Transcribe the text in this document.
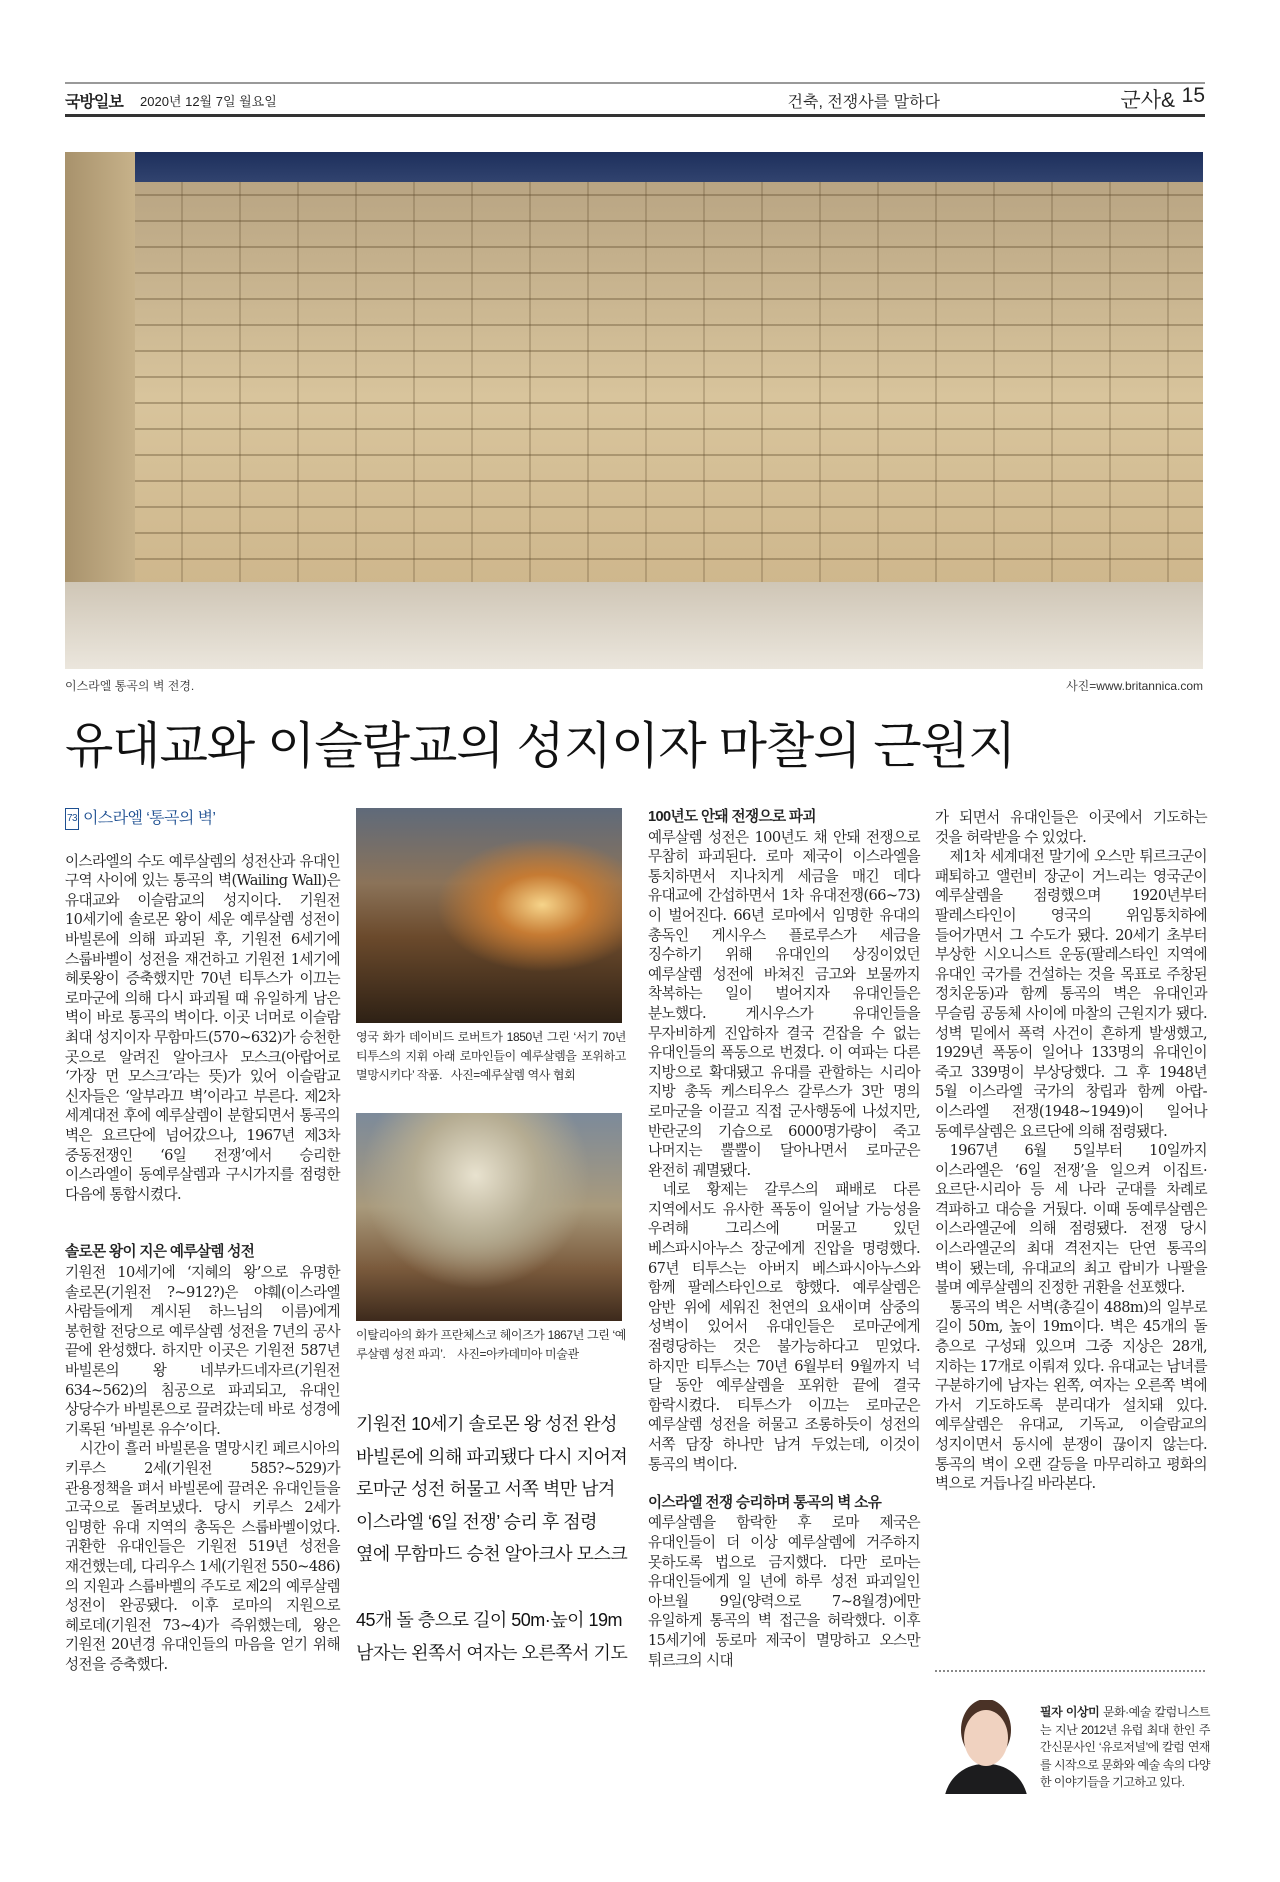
국방일보 2020년 12월 7일 월요일	건축, 전쟁사를 말하다	군사& 15
이스라엘 통곡의 벽 전경.	사진=www.britannica.com
유대교와 이슬람교의 성지이자 마찰의 근원지
73 이스라엘 ‘통곡의 벽’

이스라엘의 수도 예루살렘의 성전산과 유대인 구역 사이에 있는 통곡의 벽(Wailing Wall)은 유대교와 이슬람교의 성지이다. 기원전 10세기에 솔로몬 왕이 세운 예루살렘 성전이 바빌론에 의해 파괴된 후, 기원전 6세기에 스룹바벨이 성전을 재건하고 기원전 1세기에 헤롯왕이 증축했지만 70년 티투스가 이끄는 로마군에 의해 다시 파괴될 때 유일하게 남은 벽이 바로 통곡의 벽이다. 이곳 너머로 이슬람 최대 성지이자 무함마드(570~632)가 승천한 곳으로 알려진 알아크사 모스크(아랍어로 ‘가장 먼 모스크’라는 뜻)가 있어 이슬람교 신자들은 ‘알부라끄 벽’이라고 부른다. 제2차 세계대전 후에 예루살렘이 분할되면서 통곡의 벽은 요르단에 넘어갔으나, 1967년 제3차 중동전쟁인 ‘6일 전쟁’에서 승리한 이스라엘이 동예루살렘과 구시가지를 점령한 다음에 통합시켰다.

솔로몬 왕이 지은 예루살렘 성전

기원전 10세기에 ‘지혜의 왕’으로 유명한 솔로몬(기원전 ?~912?)은 야훼(이스라엘 사람들에게 계시된 하느님의 이름)에게 봉헌할 전당으로 예루살렘 성전을 7년의 공사 끝에 완성했다. 하지만 이곳은 기원전 587년 바빌론의 왕 네부카드네자르(기원전 634~562)의 침공으로 파괴되고, 유대인 상당수가 바빌론으로 끌려갔는데 바로 성경에 기록된 ‘바빌론 유수’이다.

시간이 흘러 바빌론을 멸망시킨 페르시아의 키루스 2세(기원전 585?~529)가 관용정책을 펴서 바빌론에 끌려온 유대인들을 고국으로 돌려보냈다. 당시 키루스 2세가 임명한 유대 지역의 총독은 스룹바벨이었다. 귀환한 유대인들은 기원전 519년 성전을 재건했는데, 다리우스 1세(기원전 550~486)의 지원과 스룹바벨의 주도로 제2의 예루살렘 성전이 완공됐다. 이후 로마의 지원으로 헤로데(기원전 73~4)가 즉위했는데, 왕은 기원전 20년경 유대인들의 마음을 얻기 위해 성전을 증축했다.

영국 화가 데이비드 로버트가 1850년 그린 ‘서기 70년 티투스의 지휘 아래 로마인들이 예루살렘을 포위하고 멸망시키다’ 작품. 사진=예루살렘 역사 협회
이탈리아의 화가 프란체스코 헤이즈가 1867년 그린 ‘예루살렘 성전 파괴’. 사진=아카데미아 미술관
기원전 10세기 솔로몬 왕 성전 완성
바빌론에 의해 파괴됐다 다시 지어져
로마군 성전 허물고 서쪽 벽만 남겨
이스라엘 ‘6일 전쟁’ 승리 후 점령
옆에 무함마드 승천 알아크사 모스크
45개 돌 층으로 길이 50m·높이 19m
남자는 왼쪽서 여자는 오른쪽서 기도

100년도 안돼 전쟁으로 파괴

예루살렘 성전은 100년도 채 안돼 전쟁으로 무참히 파괴된다. 로마 제국이 이스라엘을 통치하면서 지나치게 세금을 매긴 데다 유대교에 간섭하면서 1차 유대전쟁(66~73)이 벌어진다. 66년 로마에서 임명한 유대의 총독인 게시우스 플로루스가 세금을 징수하기 위해 유대인의 상징이었던 예루살렘 성전에 바쳐진 금고와 보물까지 착복하는 일이 벌어지자 유대인들은 분노했다. 게시우스가 유대인들을 무자비하게 진압하자 결국 걷잡을 수 없는 유대인들의 폭동으로 번졌다. 이 여파는 다른 지방으로 확대됐고 유대를 관할하는 시리아 지방 총독 케스티우스 갈루스가 3만 명의 로마군을 이끌고 직접 군사행동에 나섰지만, 반란군의 기습으로 6000명가량이 죽고 나머지는 뿔뿔이 달아나면서 로마군은 완전히 궤멸됐다.

네로 황제는 갈루스의 패배로 다른 지역에서도 유사한 폭동이 일어날 가능성을 우려해 그리스에 머물고 있던 베스파시아누스 장군에게 진압을 명령했다. 67년 티투스는 아버지 베스파시아누스와 함께 팔레스타인으로 향했다. 예루살렘은 암반 위에 세워진 천연의 요새이며 삼중의 성벽이 있어서 유대인들은 로마군에게 점령당하는 것은 불가능하다고 믿었다. 하지만 티투스는 70년 6월부터 9월까지 넉 달 동안 예루살렘을 포위한 끝에 결국 함락시켰다. 티투스가 이끄는 로마군은 예루살렘 성전을 허물고 조롱하듯이 성전의 서쪽 담장 하나만 남겨 두었는데, 이것이 통곡의 벽이다.

이스라엘 전쟁 승리하며 통곡의 벽 소유

예루살렘을 함락한 후 로마 제국은 유대인들이 더 이상 예루살렘에 거주하지 못하도록 법으로 금지했다. 다만 로마는 유대인들에게 일 년에 하루 성전 파괴일인 아브월 9일(양력으로 7~8월경)에만 유일하게 통곡의 벽 접근을 허락했다. 이후 15세기에 동로마 제국이 멸망하고 오스만 튀르크의 시대

가 되면서 유대인들은 이곳에서 기도하는 것을 허락받을 수 있었다.

제1차 세계대전 말기에 오스만 튀르크군이 패퇴하고 앨런비 장군이 거느리는 영국군이 예루살렘을 점령했으며 1920년부터 팔레스타인이 영국의 위임통치하에 들어가면서 그 수도가 됐다. 20세기 초부터 부상한 시오니스트 운동(팔레스타인 지역에 유대인 국가를 건설하는 것을 목표로 주창된 정치운동)과 함께 통곡의 벽은 유대인과 무슬림 공동체 사이에 마찰의 근원지가 됐다. 성벽 밑에서 폭력 사건이 흔하게 발생했고, 1929년 폭동이 일어나 133명의 유대인이 죽고 339명이 부상당했다. 그 후 1948년 5월 이스라엘 국가의 창립과 함께 아랍-이스라엘 전쟁(1948~1949)이 일어나 동예루살렘은 요르단에 의해 점령됐다.

1967년 6월 5일부터 10일까지 이스라엘은 ‘6일 전쟁’을 일으켜 이집트·요르단·시리아 등 세 나라 군대를 차례로 격파하고 대승을 거뒀다. 이때 동예루살렘은 이스라엘군에 의해 점령됐다. 전쟁 당시 이스라엘군의 최대 격전지는 단연 통곡의 벽이 됐는데, 유대교의 최고 랍비가 나팔을 불며 예루살렘의 진정한 귀환을 선포했다.

통곡의 벽은 서벽(총길이 488m)의 일부로 길이 50m, 높이 19m이다. 벽은 45개의 돌 층으로 구성돼 있으며 그중 지상은 28개, 지하는 17개로 이뤄져 있다. 유대교는 남녀를 구분하기에 남자는 왼쪽, 여자는 오른쪽 벽에 가서 기도하도록 분리대가 설치돼 있다. 예루살렘은 유대교, 기독교, 이슬람교의 성지이면서 동시에 분쟁이 끊이지 않는다. 통곡의 벽이 오랜 갈등을 마무리하고 평화의 벽으로 거듭나길 바라본다.

필자 이상미 문화·예술 칼럼니스트는 지난 2012년 유럽 최대 한인 주간신문사인 ‘유로저널’에 칼럼 연재를 시작으로 문화와 예술 속의 다양한 이야기들을 기고하고 있다.
